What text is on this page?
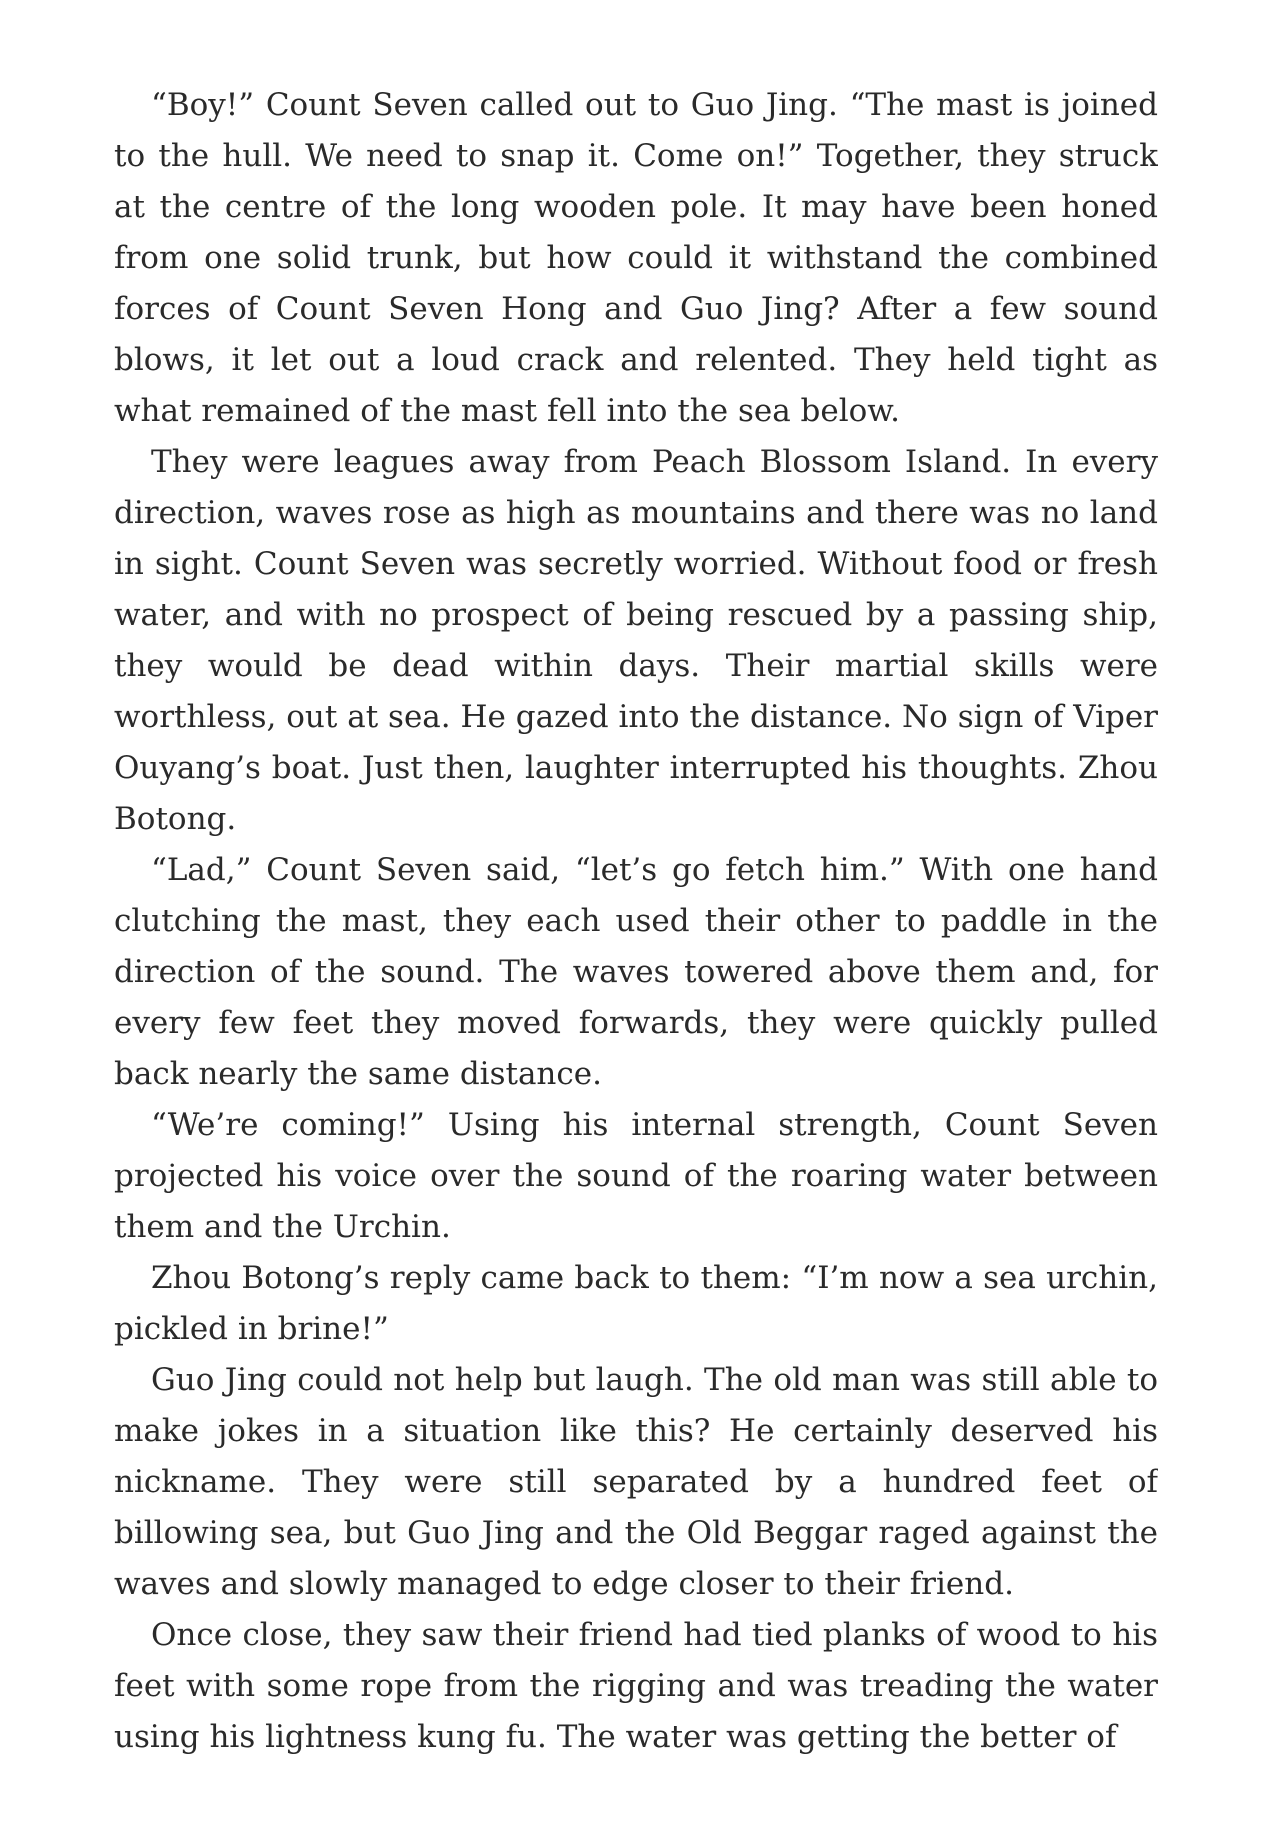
“Boy!” Count Seven called out to Guo Jing. “The mast is joined to the hull. We need to snap it. Come on!” Together, they struck at the centre of the long wooden pole. It may have been honed from one solid trunk, but how could it withstand the combined forces of Count Seven Hong and Guo Jing? After a few sound blows, it let out a loud crack and relented. They held tight as what remained of the mast fell into the sea below.

They were leagues away from Peach Blossom Island. In every direction, waves rose as high as mountains and there was no land in sight. Count Seven was secretly worried. Without food or fresh water, and with no prospect of being rescued by a passing ship, they would be dead within days. Their martial skills were worthless, out at sea. He gazed into the distance. No sign of Viper Ouyang’s boat. Just then, laughter interrupted his thoughts. Zhou Botong.

“Lad,” Count Seven said, “let’s go fetch him.” With one hand clutching the mast, they each used their other to paddle in the direction of the sound. The waves towered above them and, for every few feet they moved forwards, they were quickly pulled back nearly the same distance.

“We’re coming!” Using his internal strength, Count Seven projected his voice over the sound of the roaring water between them and the Urchin.

Zhou Botong’s reply came back to them: “I’m now a sea urchin, pickled in brine!”

Guo Jing could not help but laugh. The old man was still able to make jokes in a situation like this? He certainly deserved his nickname. They were still separated by a hundred feet of billowing sea, but Guo Jing and the Old Beggar raged against the waves and slowly managed to edge closer to their friend.

Once close, they saw their friend had tied planks of wood to his feet with some rope from the rigging and was treading the water using his lightness kung fu. The water was getting the better of
